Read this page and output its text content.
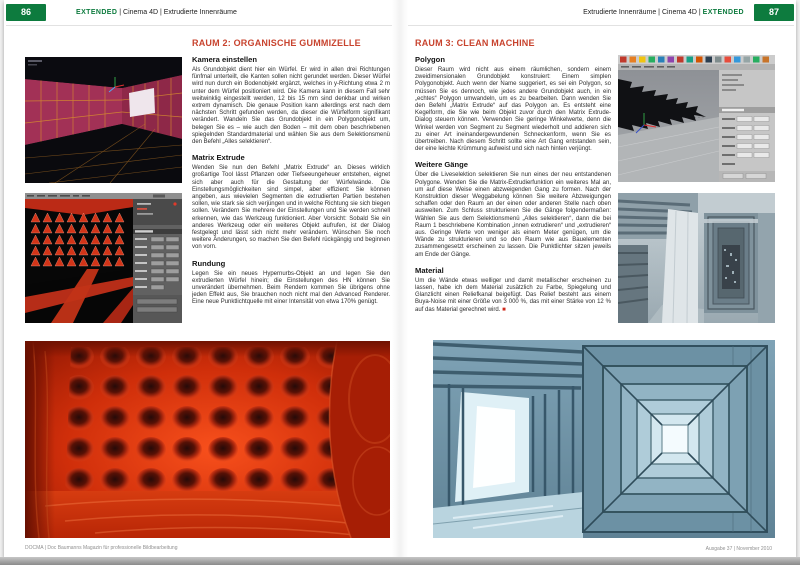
86	EXTENDED | Cinema 4D | Extrudierte Innenräume	Extrudierte Innenräume | Cinema 4D | EXTENDED	87
RAUM 2: ORGANISCHE GUMMIZELLE
Kamera einstellen

Als Grundobjekt dient hier ein Würfel. Er wird in allen drei Richtungen fünfmal unterteilt, die Kanten sollen nicht gerundet werden. Dieser Würfel wird nun durch ein Bodenobjekt ergänzt, welches in y-Richtung etwa 2 m unter dem Würfel positioniert wird. Die Kamera kann in diesem Fall sehr weitwinklig eingestellt werden, 12 bis 15 mm sind denkbar und wirken extrem dynamisch. Die genaue Position kann allerdings erst nach dem nächsten Schritt gefunden werden, da dieser die Würfelform signifikant verändert. Wandeln Sie das Grundobjekt in ein Polygonobjekt um, belegen Sie es – wie auch den Boden – mit dem oben beschriebenen spiegelnden Standardmaterial und wählen Sie aus dem Selektionsmenü den Befehl „Alles selektieren“.

Matrix Extrude

Wenden Sie nun den Befehl „Matrix Extrude“ an. Dieses wirklich großartige Tool lässt Pflanzen oder Tiefseeungeheuer entstehen, eignet sich aber auch für die Gestaltung der Würfelwände. Die Einstellungsmöglichkeiten sind simpel, aber effizient: Sie können angeben, aus wievielen Segmenten die extrudierten Partien bestehen sollen, wie stark sie sich verjüngen und in welche Richtung sie sich biegen sollen. Verändern Sie mehrere der Einstellungen und Sie werden schnell erkennen, wie das Werkzeug funktioniert. Aber Vorsicht: Sobald Sie ein anderes Werkzeug oder ein weiteres Objekt aufrufen, ist der Dialog festgelegt und lässt sich nicht mehr verändern. Wünschen Sie noch weitere Änderungen, so machen Sie den Befehl rückgängig und beginnen von vorn.

Rundung

Legen Sie ein neues Hypernurbs-Objekt an und legen Sie den extrudierten Würfel hinein; die Einstellungen des HN können Sie unverändert übernehmen. Beim Rendern kommen Sie übrigens ohne jeden Effekt aus, Sie brauchen noch nicht mal den Advanced Renderer. Eine neue Punktlichtquelle mit einer Intensität von etwa 170% genügt.

RAUM 3: CLEAN MACHINE
Polygon

Dieser Raum wird nicht aus einem räumlichen, sondern einem zweidimensionalen Grundobjekt konstruiert: Einem simplen Polygonobjekt. Auch wenn der Name suggeriert, es sei ein Polygon, so müssen Sie es dennoch, wie jedes andere Grundobjekt auch, in ein „echtes“ Polygon umwandeln, um es zu bearbeiten. Dann wenden Sie den Befehl „Matrix Extrude“ auf das Polygon an. Es entsteht eine Kegelform, die Sie wie beim Objekt zuvor durch den Matrix Extrude-Dialog steuern können. Verwenden Sie geringe Winkelwerte, denn die Winkel werden von Segment zu Segment wiederholt und addieren sich zu einer Art ineinandergewundenen Schneckenform, wenn Sie es übertreiben. Nach diesem Schritt sollte eine Art Gang entstanden sein, der eine leichte Krümmung aufweist und sich nach hinten verjüngt.

Weitere Gänge

Über die Liveselektion selektieren Sie nun eines der neu entstandenen Polygone. Wenden Sie die Matrix-Extrudierfunktion ein weiteres Mal an, um auf diese Weise einen abzweigenden Gang zu formen. Nach der Konstruktion dieser Weggabelung können Sie weitere Abzweigungen schaffen oder den Raum an der einen oder anderen Stelle nach oben ausweiten. Zum Schluss strukturieren Sie die Gänge folgendermaßen: Wählen Sie aus dem Selektionsmenü „Alles selektieren“, dann die bei Raum 1 beschriebene Kombination „innen extrudieren“ und „extrudieren“ aus. Geringe Werte von weniger als einem Meter genügen, um die Wände zu strukturieren und so den Raum wie aus Bauelementen zusammengesetzt erscheinen zu lassen. Die Punktlichter sitzen jeweils am Ende der Gänge.

Material

Um die Wände etwas welliger und damit metallischer erscheinen zu lassen, habe ich dem Material zusätzlich zu Farbe, Spiegelung und Glanzlicht einen Reliefkanal beigefügt. Das Relief besteht aus einem Buya-Noise mit einer Größe von 3 000 %, das mit einer Stärke von 12 % auf das Material gerechnet wird. ■

DOCMA | Doc Baumanns Magazin für professionelle Bildbearbeitung	Ausgabe 37 | November 2010
